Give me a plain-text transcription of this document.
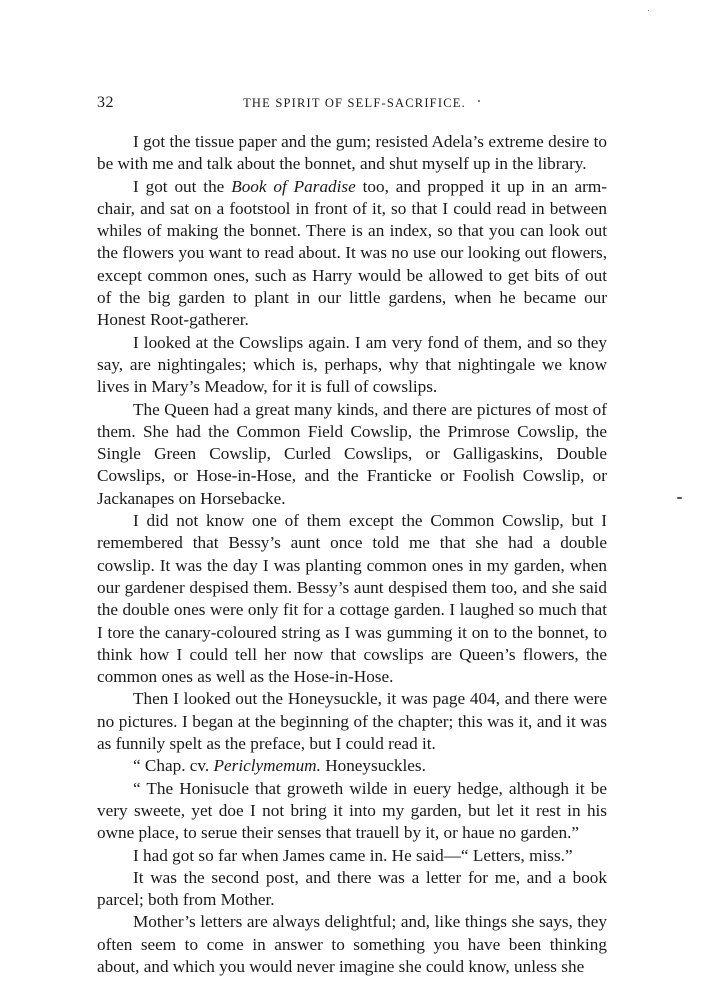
32	THE SPIRIT OF SELF-SACRIFICE.

I got the tissue paper and the gum; resisted Adela’s extreme desire to be with me and talk about the bonnet, and shut myself up in the library.

I got out the Book of Paradise too, and propped it up in an arm-chair, and sat on a footstool in front of it, so that I could read in between whiles of making the bonnet. There is an index, so that you can look out the flowers you want to read about. It was no use our looking out flowers, except common ones, such as Harry would be allowed to get bits of out of the big garden to plant in our little gardens, when he became our Honest Root-gatherer.

I looked at the Cowslips again. I am very fond of them, and so they say, are nightingales; which is, perhaps, why that nightingale we know lives in Mary’s Meadow, for it is full of cowslips.

The Queen had a great many kinds, and there are pictures of most of them. She had the Common Field Cowslip, the Primrose Cowslip, the Single Green Cowslip, Curled Cowslips, or Galligaskins, Double Cowslips, or Hose-in-Hose, and the Franticke or Foolish Cowslip, or Jackanapes on Horsebacke.

I did not know one of them except the Common Cowslip, but I remembered that Bessy’s aunt once told me that she had a double cowslip. It was the day I was planting common ones in my garden, when our gardener despised them. Bessy’s aunt despised them too, and she said the double ones were only fit for a cottage garden. I laughed so much that I tore the canary-coloured string as I was gumming it on to the bonnet, to think how I could tell her now that cowslips are Queen’s flowers, the common ones as well as the Hose-in-Hose.

Then I looked out the Honeysuckle, it was page 404, and there were no pictures. I began at the beginning of the chapter; this was it, and it was as funnily spelt as the preface, but I could read it.

“ Chap. cv. Periclymemum. Honeysuckles.

“ The Honisucle that groweth wilde in euery hedge, although it be very sweete, yet doe I not bring it into my garden, but let it rest in his owne place, to serue their senses that trauell by it, or haue no garden.”

I had got so far when James came in. He said—“ Letters, miss.”

It was the second post, and there was a letter for me, and a book parcel; both from Mother.

Mother’s letters are always delightful; and, like things she says, they often seem to come in answer to something you have been thinking about, and which you would never imagine she could know, unless she
